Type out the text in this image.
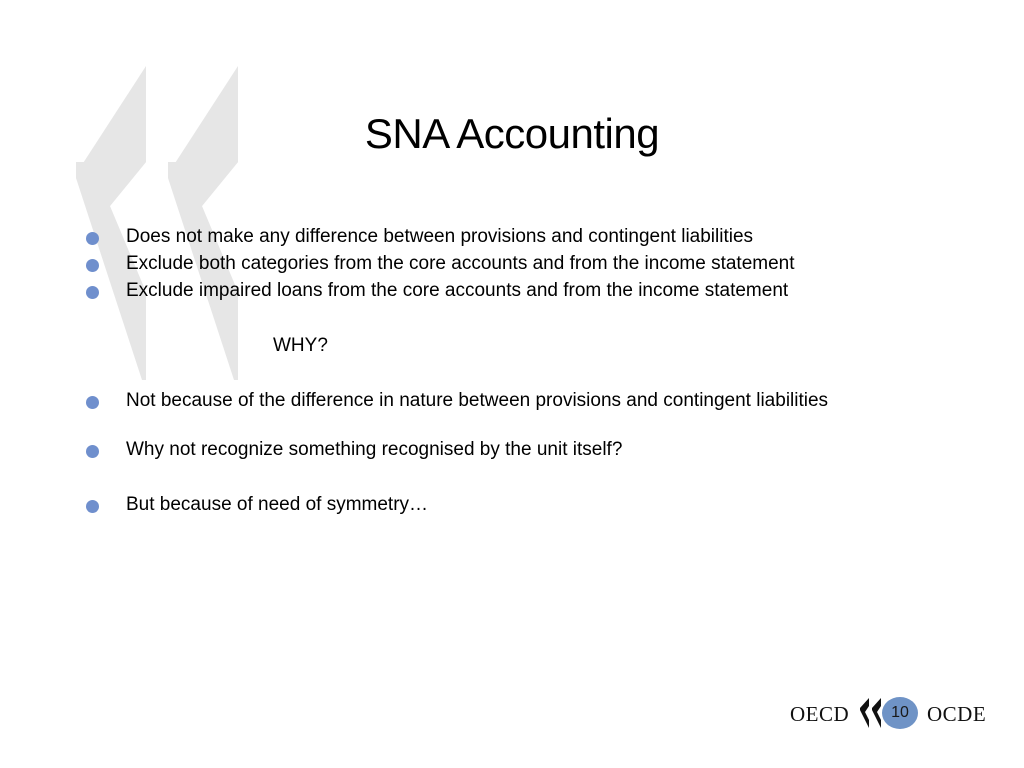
SNA Accounting
Does not make any difference between provisions and contingent liabilities
Exclude both categories from the core accounts and from the income statement
Exclude impaired loans from the core accounts and from the income statement
WHY?
Not because of the difference in nature between provisions and contingent liabilities
Why not recognize something recognised by the unit itself?
But because of need of symmetry…
OECD	10 OCDE
